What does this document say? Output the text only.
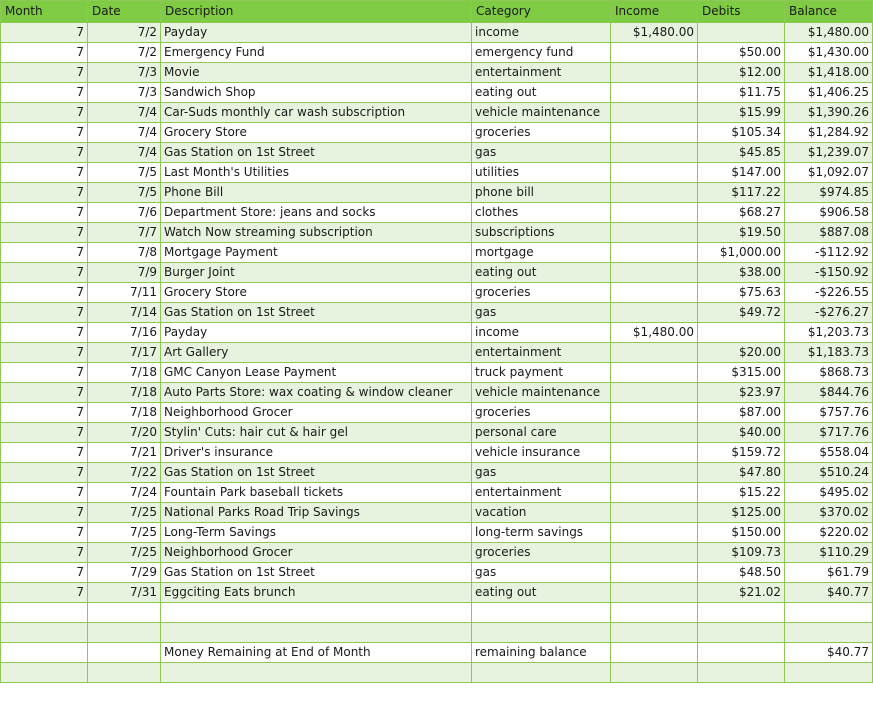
Month	Date	Description	Category	Income	Debits	Balance
7	7/2	Payday	income	$1,480.00		$1,480.00
7	7/2	Emergency Fund	emergency fund		$50.00	$1,430.00
7	7/3	Movie	entertainment		$12.00	$1,418.00
7	7/3	Sandwich Shop	eating out		$11.75	$1,406.25
7	7/4	Car-Suds monthly car wash subscription	vehicle maintenance		$15.99	$1,390.26
7	7/4	Grocery Store	groceries		$105.34	$1,284.92
7	7/4	Gas Station on 1st Street	gas		$45.85	$1,239.07
7	7/5	Last Month's Utilities	utilities		$147.00	$1,092.07
7	7/5	Phone Bill	phone bill		$117.22	$974.85
7	7/6	Department Store: jeans and socks	clothes		$68.27	$906.58
7	7/7	Watch Now streaming subscription	subscriptions		$19.50	$887.08
7	7/8	Mortgage Payment	mortgage		$1,000.00	-$112.92
7	7/9	Burger Joint	eating out		$38.00	-$150.92
7	7/11	Grocery Store	groceries		$75.63	-$226.55
7	7/14	Gas Station on 1st Street	gas		$49.72	-$276.27
7	7/16	Payday	income	$1,480.00		$1,203.73
7	7/17	Art Gallery	entertainment		$20.00	$1,183.73
7	7/18	GMC Canyon Lease Payment	truck payment		$315.00	$868.73
7	7/18	Auto Parts Store: wax coating & window cleaner	vehicle maintenance		$23.97	$844.76
7	7/18	Neighborhood Grocer	groceries		$87.00	$757.76
7	7/20	Stylin' Cuts: hair cut & hair gel	personal care		$40.00	$717.76
7	7/21	Driver's insurance	vehicle insurance		$159.72	$558.04
7	7/22	Gas Station on 1st Street	gas		$47.80	$510.24
7	7/24	Fountain Park baseball tickets	entertainment		$15.22	$495.02
7	7/25	National Parks Road Trip Savings	vacation		$125.00	$370.02
7	7/25	Long-Term Savings	long-term savings		$150.00	$220.02
7	7/25	Neighborhood Grocer	groceries		$109.73	$110.29
7	7/29	Gas Station on 1st Street	gas		$48.50	$61.79
7	7/31	Eggciting Eats brunch	eating out		$21.02	$40.77

		Money Remaining at End of Month	remaining balance			$40.77
